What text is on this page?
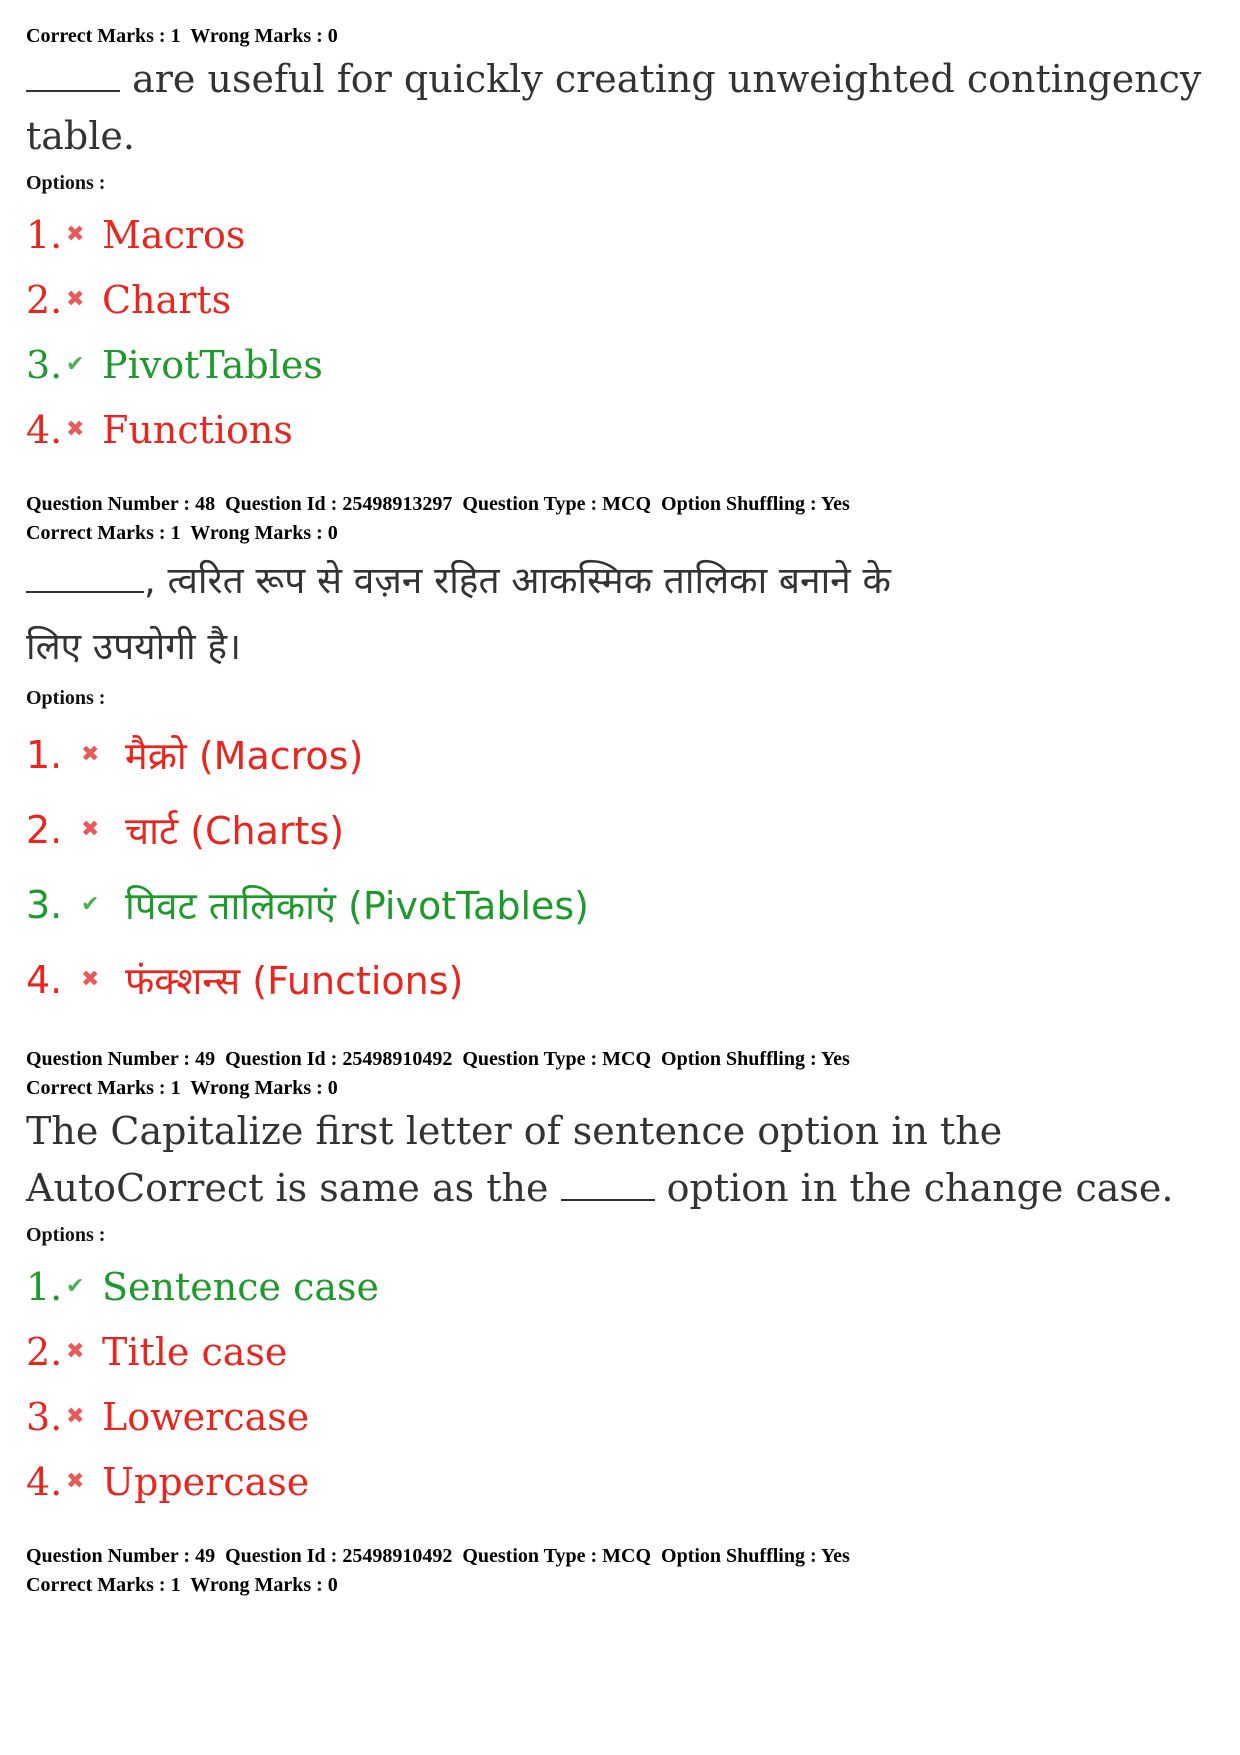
Correct Marks : 1  Wrong Marks : 0

are useful for quickly creating unweighted contingency
table.

Options :
1. ✖ Macros
2. ✖ Charts
3. ✔ PivotTables
4. ✖ Functions
Question Number : 48  Question Id : 25498913297  Question Type : MCQ  Option Shuffling : Yes
Correct Marks : 1  Wrong Marks : 0

, त्वरित रूप से वज़न रहित आकस्मिक तालिका बनाने के
लिए उपयोगी है।

Options :
1. ✖ मैक्रो (Macros)
2. ✖ चार्ट (Charts)
3. ✔ पिवट तालिकाएं (PivotTables)
4. ✖ फंक्शन्स (Functions)
Question Number : 49  Question Id : 25498910492  Question Type : MCQ  Option Shuffling : Yes
Correct Marks : 1  Wrong Marks : 0

The Capitalize first letter of sentence option in the
AutoCorrect is same as the	option in the change case.

Options :
1. ✔ Sentence case
2. ✖ Title case
3. ✖ Lowercase
4. ✖ Uppercase
Question Number : 49  Question Id : 25498910492  Question Type : MCQ  Option Shuffling : Yes
Correct Marks : 1  Wrong Marks : 0
